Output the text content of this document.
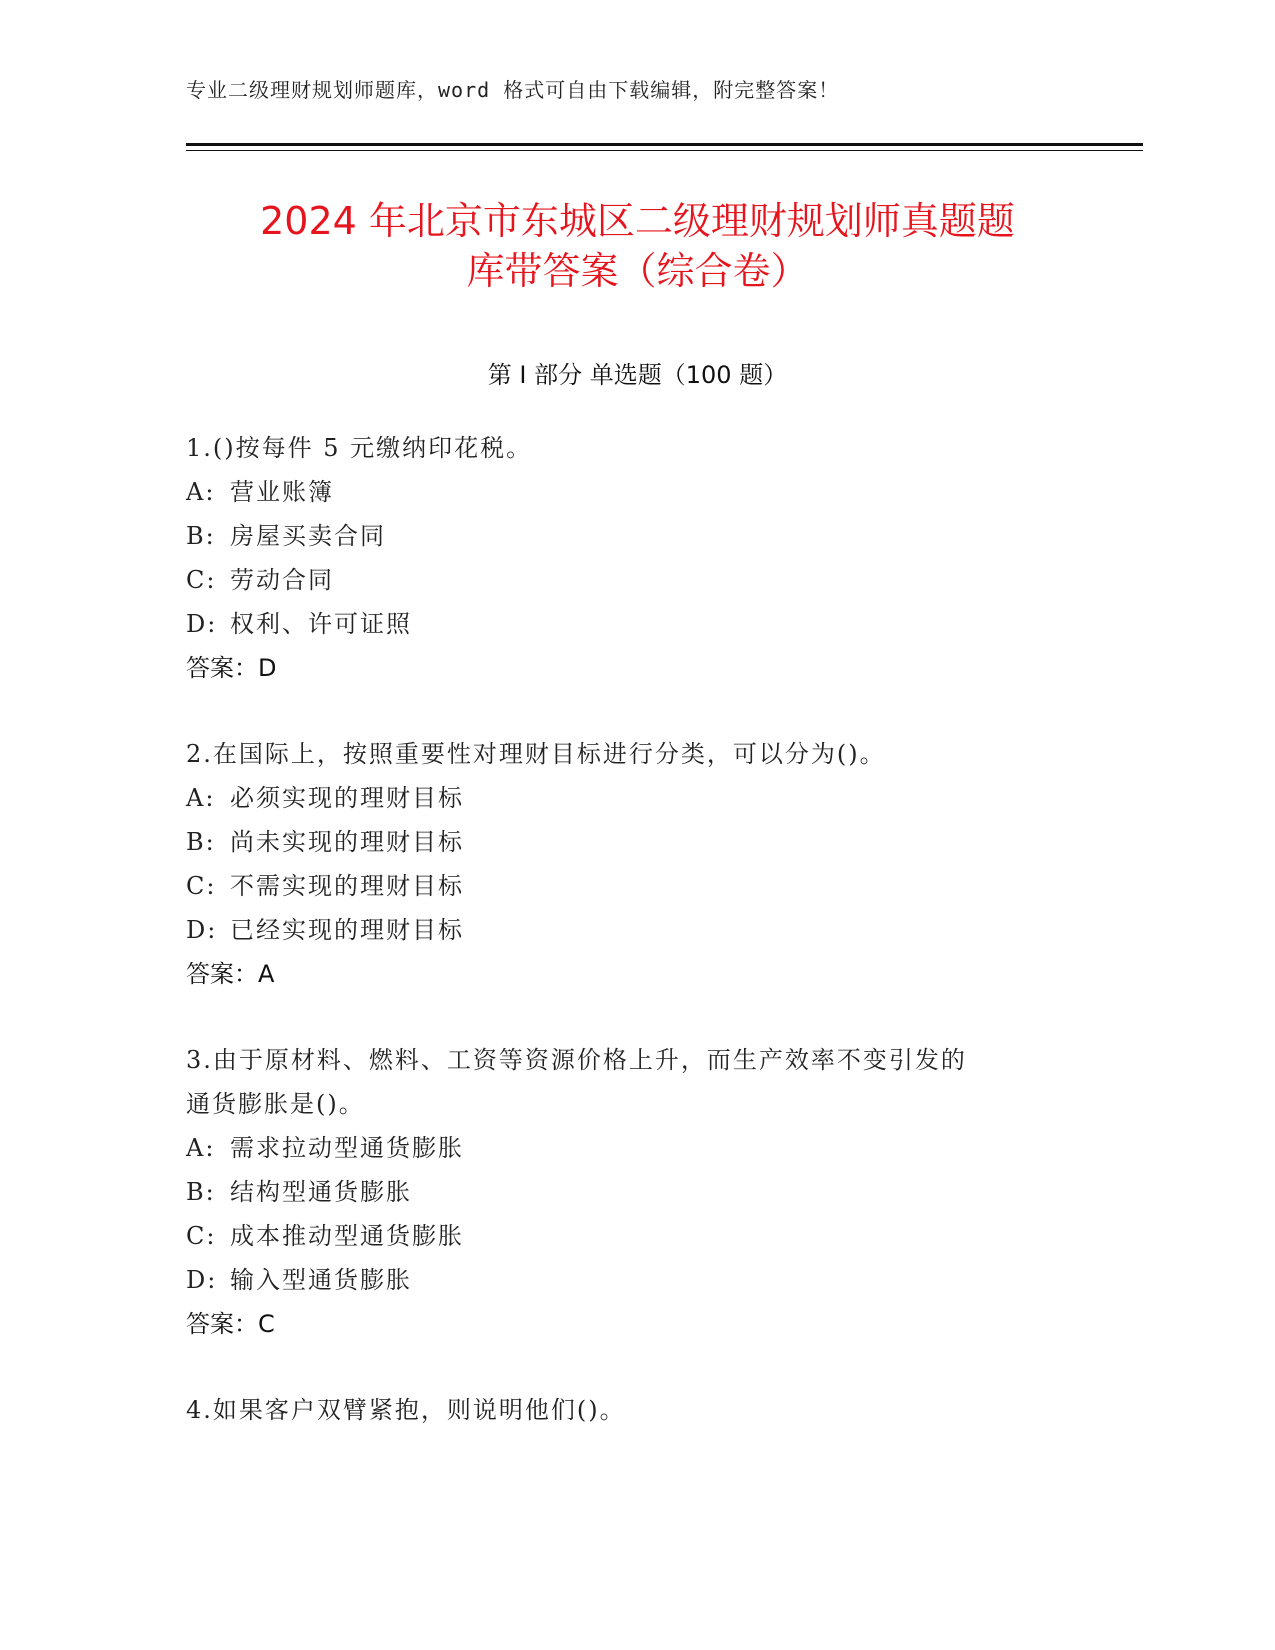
专业二级理财规划师题库，word 格式可自由下载编辑，附完整答案！
2024 年北京市东城区二级理财规划师真题题
库带答案（综合卷）
第 I 部分 单选题（100 题）
1.()按每件 5 元缴纳印花税。
A: 营业账簿
B: 房屋买卖合同
C: 劳动合同
D: 权利、许可证照
答案：D
2.在国际上，按照重要性对理财目标进行分类，可以分为()。
A: 必须实现的理财目标
B: 尚未实现的理财目标
C: 不需实现的理财目标
D: 已经实现的理财目标
答案：A
3.由于原材料、燃料、工资等资源价格上升，而生产效率不变引发的
通货膨胀是()。
A: 需求拉动型通货膨胀
B: 结构型通货膨胀
C: 成本推动型通货膨胀
D: 输入型通货膨胀
答案：C
4.如果客户双臂紧抱，则说明他们()。
